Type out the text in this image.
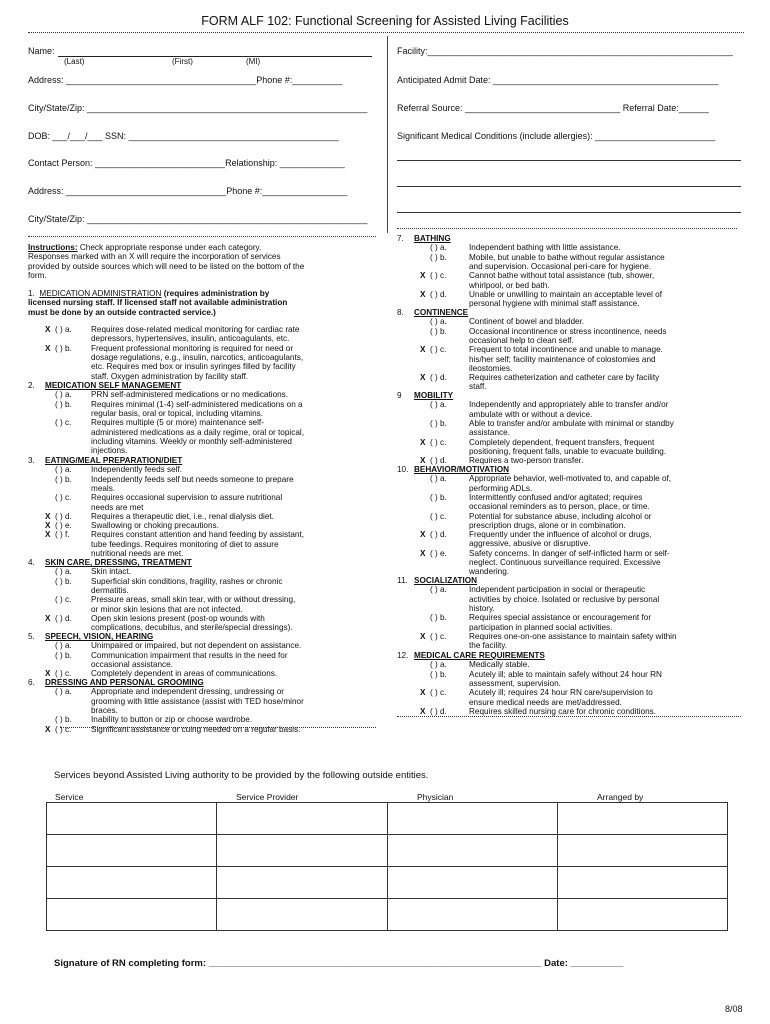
FORM ALF 102: Functional Screening for Assisted Living Facilities
Name:
(Last)	(First)	(MI)
Address: ______________________________________Phone #:__________
City/State/Zip: ________________________________________________________
DOB: ___/___/___ SSN: __________________________________________
Contact Person: __________________________Relationship: _____________
Address: ________________________________Phone #:_________________
City/State/Zip: ________________________________________________________
Facility:_____________________________________________________________
Anticipated Admit Date: _____________________________________________
Referral Source: _______________________________ Referral Date:______
Significant Medical Conditions (include allergies): ________________________
Instructions: Check appropriate response under each category.
Responses marked with an X will require the incorporation of services
provided by outside sources which will need to be listed on the bottom of the
form.
1. MEDICATION ADMINISTRATION (requires administration by
licensed nursing staff. If licensed staff not available administration
must be done by an outside contracted service.)
X ( ) a. Requires dose-related medical monitoring for cardiac rate
depressors, hypertensives, insulin, anticoagulants, etc.
X ( ) b. Frequent professional monitoring is required for need or
dosage regulations, e.g., insulin, narcotics, anticoagulants,
etc. Requires med box or insulin syringes filled by facility
staff. Oxygen administration by facility staff.
2. MEDICATION SELF MANAGEMENT
( ) a. PRN self-administered medications or no medications.
( ) b. Requires minimal (1-4) self-administered medications on a
regular basis, oral or topical, including vitamins.
( ) c. Requires multiple (5 or more) maintenance self-
administered medications as a daily regime, oral or topical,
including vitamins. Weekly or monthly self-administered
injections.
3. EATING/MEAL PREPARATION/DIET
( ) a. Independently feeds self.
( ) b. Independently feeds self but needs someone to prepare
meals.
( ) c. Requires occasional supervision to assure nutritional
needs are met
X ( ) d. Requires a therapeutic diet, i.e., renal dialysis diet.
X ( ) e. Swallowing or choking precautions.
X ( ) f.	Requires constant attention and hand feeding by assistant,
tube feedings. Requires monitoring of diet to assure
nutritional needs are met.
4. SKIN CARE, DRESSING, TREATMENT
( ) a. Skin intact.
( ) b. Superficial skin conditions, fragility, rashes or chronic
dermatitis.
( ) c. Pressure areas, small skin tear, with or without dressing,
or minor skin lesions that are not infected.
X ( ) d. Open skin lesions present (post-op wounds with
complications, decubitus, and sterile/special dressings).
5. SPEECH, VISION, HEARING
( ) a. Unimpaired or impaired, but not dependent on assistance.
( ) b. Communication impairment that results in the need for
occasional assistance.
X ( ) c. Completely dependent in areas of communications.
6. DRESSING AND PERSONAL GROOMING
( ) a. Appropriate and independent dressing, undressing or
grooming with little assistance (assist with TED hose/minor
braces.
( ) b. Inability to button or zip or choose wardrobe.
X ( ) c. Significant assistance or cuing needed on a regular basis.
7. BATHING
( ) a.	Independent bathing with little assistance.
( ) b.	Mobile, but unable to bathe without regular assistance
and supervision. Occasional peri-care for hygiene.
X ( ) c.	Cannot bathe without total assistance (tub, shower,
whirlpool, or bed bath.
X ( ) d.	Unable or unwilling to maintain an acceptable level of
personal hygiene with minimal staff assistance.
8. CONTINENCE
( ) a.	Continent of bowel and bladder.
( ) b.	Occasional incontinence or stress incontinence, needs
occasional help to clean self.
X ( ) c.	Frequent to total incontinence and unable to manage.
his/her self; facility maintenance of colostomies and
ileostomies.
X ( ) d.	Requires catheterization and catheter care by facility
staff.
9 MOBILITY
( ) a.	Independently and appropriately able to transfer and/or
ambulate with or without a device.
( ) b.	Able to transfer and/or ambulate with minimal or standby
assistance.
X ( ) c.	Completely dependent, frequent transfers, frequent
positioning, frequent falls, unable to evacuate building.
X ( ) d.	Requires a two-person transfer.
10. BEHAVIOR/MOTIVATION
( ) a.	Appropriate behavior, well-motivated to, and capable of,
performing ADLs.
( ) b.	Intermittently confused and/or agitated; requires
occasional reminders as to person, place, or time.
( ) c.	Potential for substance abuse, including alcohol or
prescription drugs, alone or in combination.
X ( ) d.	Frequently under the influence of alcohol or drugs,
aggressive, abusive or disruptive.
X ( ) e.	Safety concerns. In danger of self-inflicted harm or self-
neglect. Continuous surveillance required. Excessive
wandering.
11. SOCIALIZATION
( ) a.	Independent participation in social or therapeutic
activities by choice. Isolated or reclusive by personal
history.
( ) b.	Requires special assistance or encouragement for
participation in planned social activities.
X ( ) c.	Requires one-on-one assistance to maintain safety within
the facility.
12. MEDICAL CARE REQUIREMENTS
( ) a.	Medically stable.
( ) b.	Acutely ill; able to maintain safely without 24 hour RN
assessment, supervision.
X ( ) c.	Acutely ill; requires 24 hour RN care/supervision to
ensure medical needs are met/addressed.
X ( ) d.	Requires skilled nursing care for chronic conditions.
Services beyond Assisted Living authority to be provided by the following outside entities.
Service	Service Provider	Physician	Arranged by

Signature of RN completing form: _______________________________________________________________ Date: __________
8/08
